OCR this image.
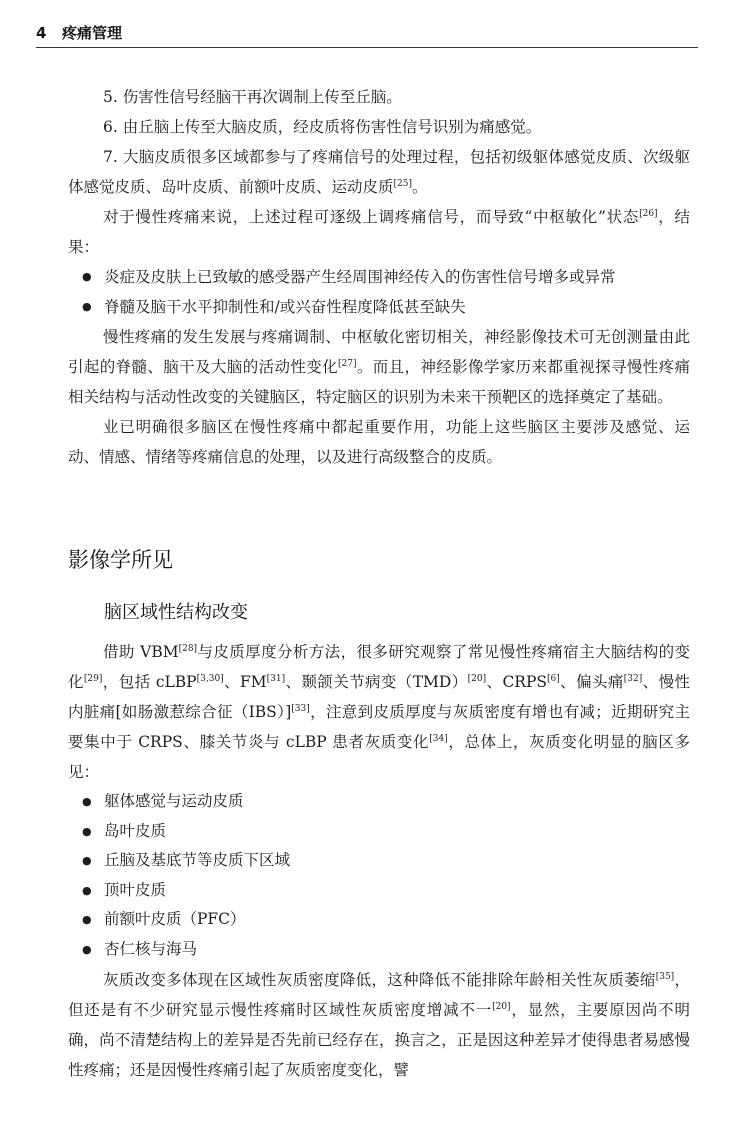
4 疼痛管理

5. 伤害性信号经脑干再次调制上传至丘脑。

6. 由丘脑上传至大脑皮质，经皮质将伤害性信号识别为痛感觉。

7. 大脑皮质很多区域都参与了疼痛信号的处理过程，包括初级躯体感觉皮质、次级躯体感觉皮质、岛叶皮质、前额叶皮质、运动皮质[25]。

对于慢性疼痛来说，上述过程可逐级上调疼痛信号，而导致“中枢敏化”状态[26]，结果：

● 炎症及皮肤上已致敏的感受器产生经周围神经传入的伤害性信号增多或异常
● 脊髓及脑干水平抑制性和/或兴奋性程度降低甚至缺失

慢性疼痛的发生发展与疼痛调制、中枢敏化密切相关，神经影像技术可无创测量由此引起的脊髓、脑干及大脑的活动性变化[27]。而且，神经影像学家历来都重视探寻慢性疼痛相关结构与活动性改变的关键脑区，特定脑区的识别为未来干预靶区的选择奠定了基础。

业已明确很多脑区在慢性疼痛中都起重要作用，功能上这些脑区主要涉及感觉、运动、情感、情绪等疼痛信息的处理，以及进行高级整合的皮质。

影像学所见
脑区域性结构改变

借助 VBM[28]与皮质厚度分析方法，很多研究观察了常见慢性疼痛宿主大脑结构的变化[29]，包括 cLBP[3,30]、FM[31]、颞颌关节病变（TMD）[20]、CRPS[6]、偏头痛[32]、慢性内脏痛[如肠激惹综合征（IBS）][33]，注意到皮质厚度与灰质密度有增也有减；近期研究主要集中于 CRPS、膝关节炎与 cLBP 患者灰质变化[34]，总体上，灰质变化明显的脑区多见：

● 躯体感觉与运动皮质
● 岛叶皮质
● 丘脑及基底节等皮质下区域
● 顶叶皮质
● 前额叶皮质（PFC）
● 杏仁核与海马

灰质改变多体现在区域性灰质密度降低，这种降低不能排除年龄相关性灰质萎缩[35]，但还是有不少研究显示慢性疼痛时区域性灰质密度增减不一[20]，显然，主要原因尚不明确，尚不清楚结构上的差异是否先前已经存在，换言之，正是因这种差异才使得患者易感慢性疼痛；还是因慢性疼痛引起了灰质密度变化，譬
